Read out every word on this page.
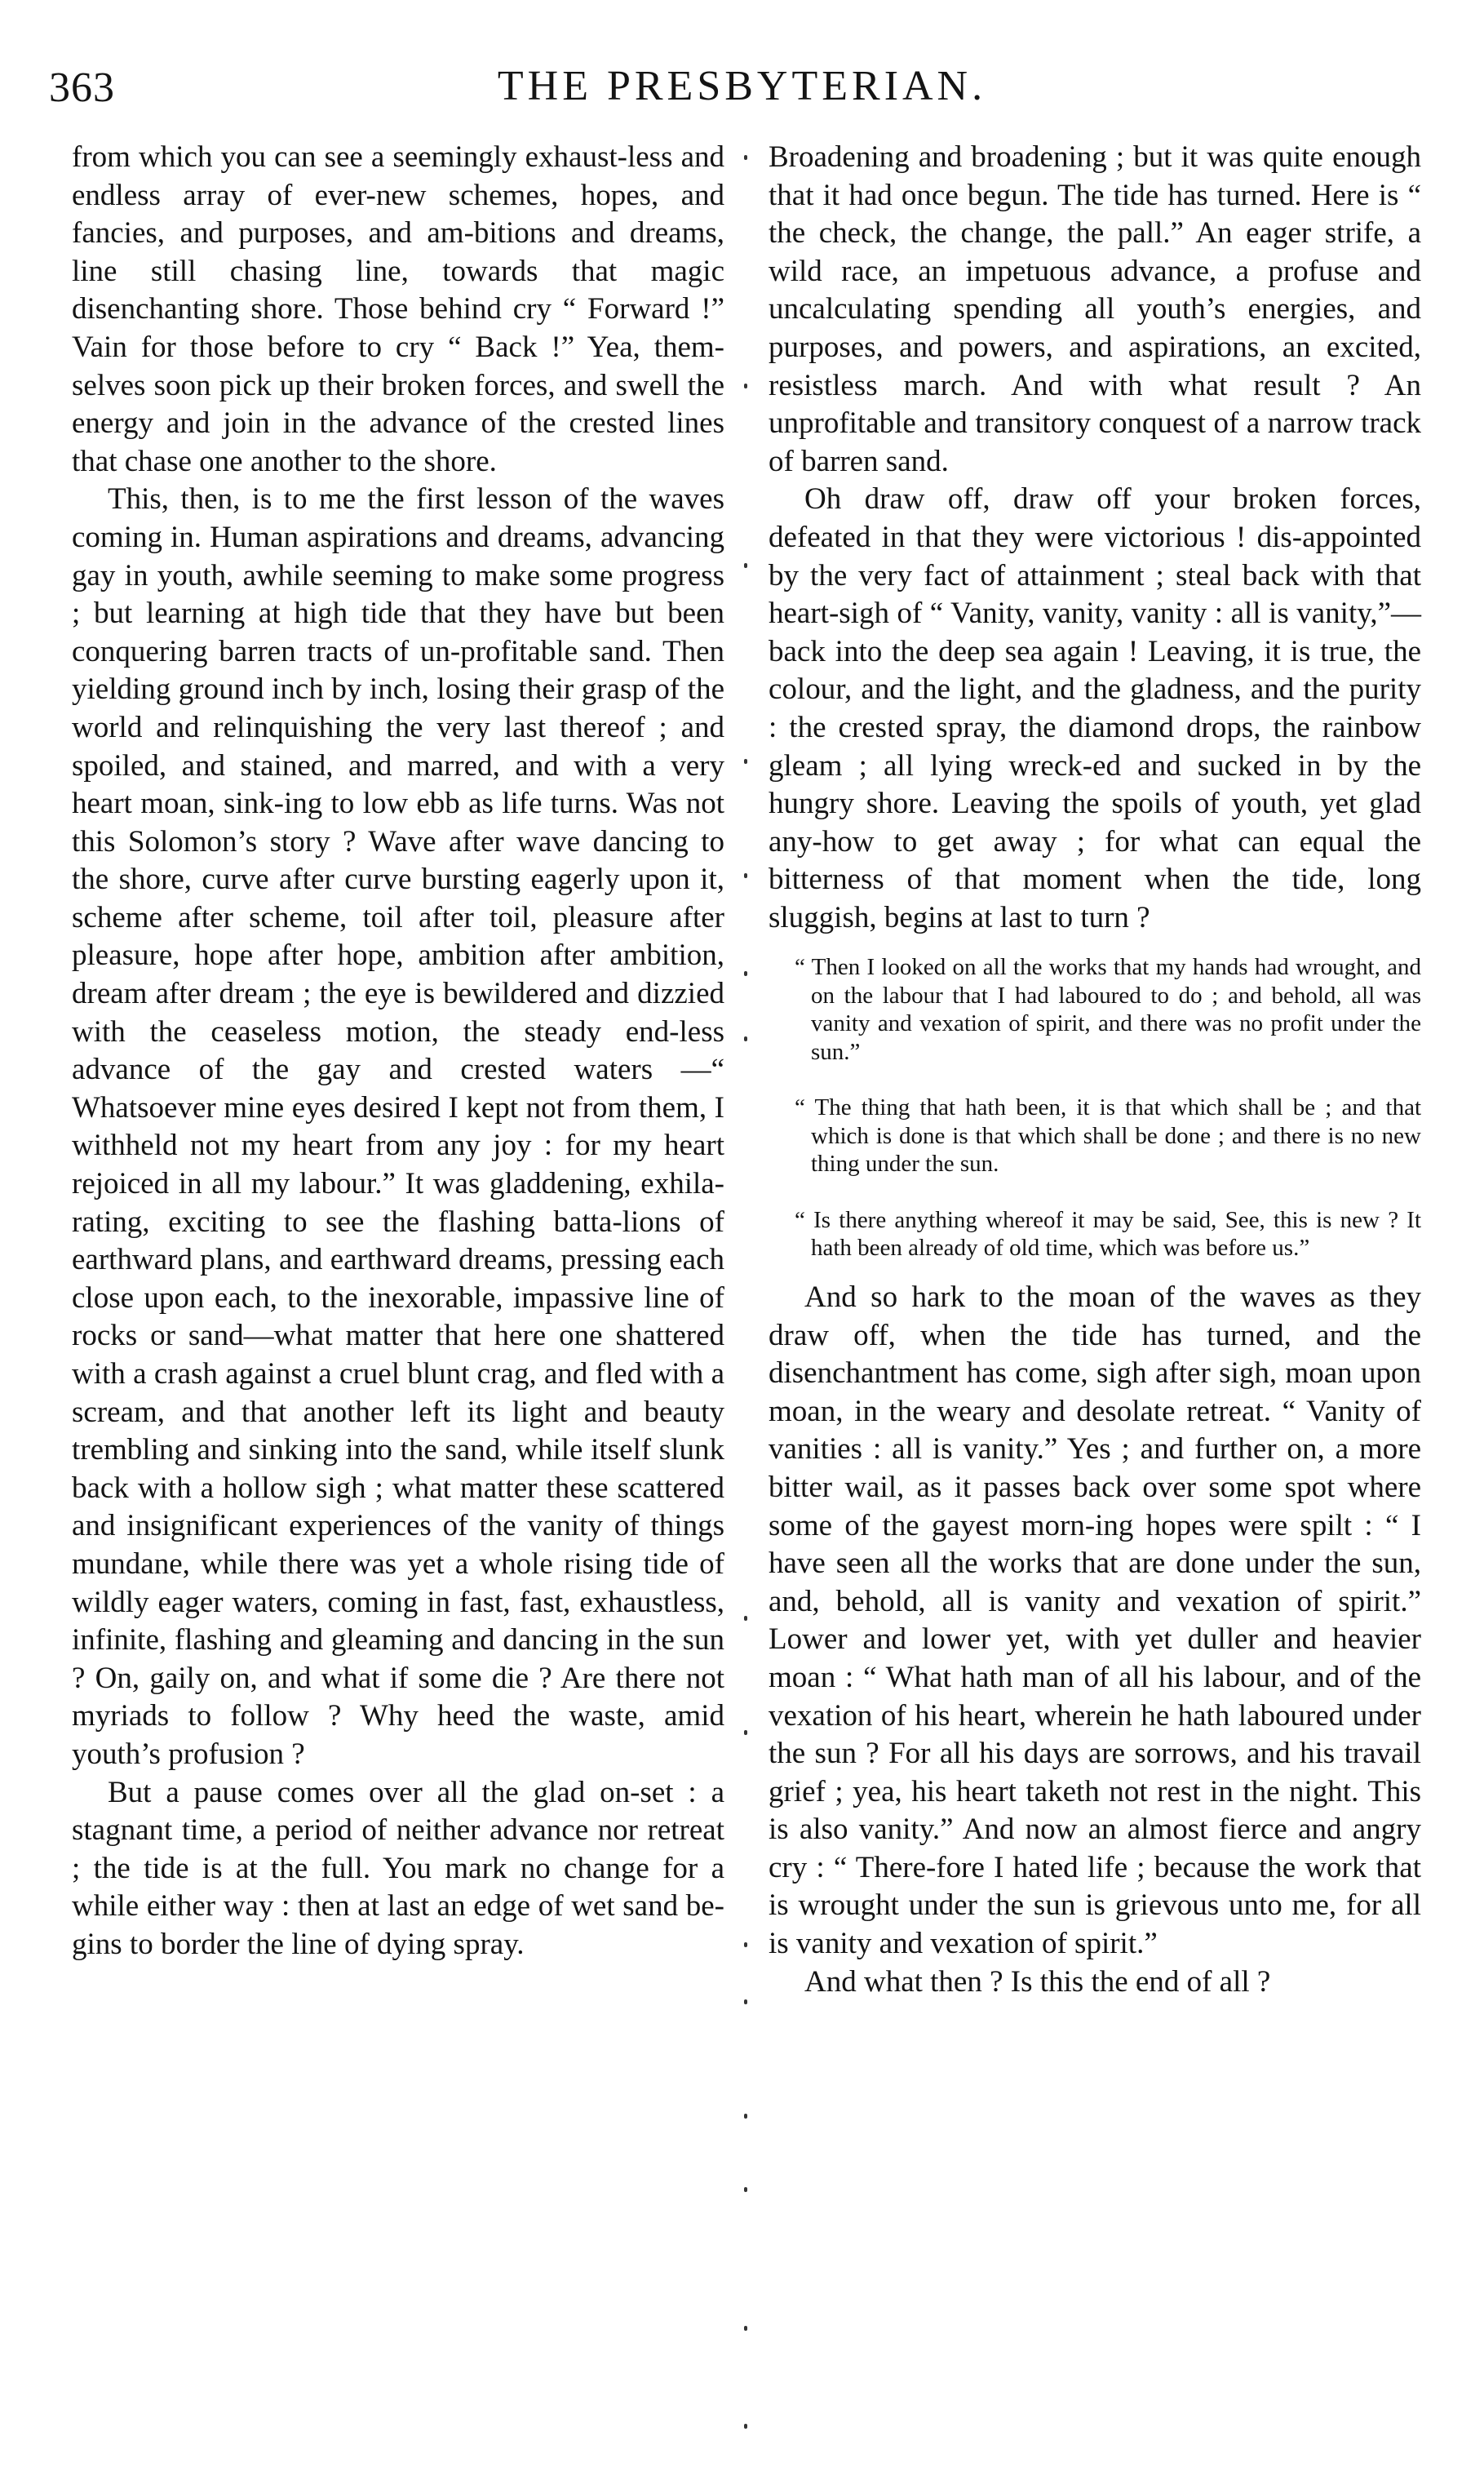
363	THE PRESBYTERIAN.

from which you can see a seemingly exhaust-less and endless array of ever-new schemes, hopes, and fancies, and purposes, and am-bitions and dreams, line still chasing line, towards that magic disenchanting shore. Those behind cry “ Forward !” Vain for those before to cry “ Back !” Yea, them-selves soon pick up their broken forces, and swell the energy and join in the advance of the crested lines that chase one another to the shore.

This, then, is to me the first lesson of the waves coming in. Human aspirations and dreams, advancing gay in youth, awhile seeming to make some progress ; but learning at high tide that they have but been conquering barren tracts of un-profitable sand. Then yielding ground inch by inch, losing their grasp of the world and relinquishing the very last thereof ; and spoiled, and stained, and marred, and with a very heart moan, sink-ing to low ebb as life turns. Was not this Solomon’s story ? Wave after wave dancing to the shore, curve after curve bursting eagerly upon it, scheme after scheme, toil after toil, pleasure after pleasure, hope after hope, ambition after ambition, dream after dream ; the eye is bewildered and dizzied with the ceaseless motion, the steady end-less advance of the gay and crested waters —“ Whatsoever mine eyes desired I kept not from them, I withheld not my heart from any joy : for my heart rejoiced in all my labour.” It was gladdening, exhila-rating, exciting to see the flashing batta-lions of earthward plans, and earthward dreams, pressing each close upon each, to the inexorable, impassive line of rocks or sand—what matter that here one shattered with a crash against a cruel blunt crag, and fled with a scream, and that another left its light and beauty trembling and sinking into the sand, while itself slunk back with a hollow sigh ; what matter these scattered and insignificant experiences of the vanity of things mundane, while there was yet a whole rising tide of wildly eager waters, coming in fast, fast, exhaustless, infinite, flashing and gleaming and dancing in the sun ? On, gaily on, and what if some die ? Are there not myriads to follow ? Why heed the waste, amid youth’s profusion ?

But a pause comes over all the glad on-set : a stagnant time, a period of neither advance nor retreat ; the tide is at the full. You mark no change for a while either way : then at last an edge of wet sand be-gins to border the line of dying spray.

Broadening and broadening ; but it was quite enough that it had once begun. The tide has turned. Here is “ the check, the change, the pall.” An eager strife, a wild race, an impetuous advance, a profuse and uncalculating spending all youth’s energies, and purposes, and powers, and aspirations, an excited, resistless march. And with what result ? An unprofitable and transitory conquest of a narrow track of barren sand.

Oh draw off, draw off your broken forces, defeated in that they were victorious ! dis-appointed by the very fact of attainment ; steal back with that heart-sigh of “ Vanity, vanity, vanity : all is vanity,”—back into the deep sea again ! Leaving, it is true, the colour, and the light, and the gladness, and the purity : the crested spray, the diamond drops, the rainbow gleam ; all lying wreck-ed and sucked in by the hungry shore. Leaving the spoils of youth, yet glad any-how to get away ; for what can equal the bitterness of that moment when the tide, long sluggish, begins at last to turn ?

“ Then I looked on all the works that my hands had wrought, and on the labour that I had laboured to do ; and behold, all was vanity and vexation of spirit, and there was no profit under the sun.”
“ The thing that hath been, it is that which shall be ; and that which is done is that which shall be done ; and there is no new thing under the sun.
“ Is there anything whereof it may be said, See, this is new ? It hath been already of old time, which was before us.”

And so hark to the moan of the waves as they draw off, when the tide has turned, and the disenchantment has come, sigh after sigh, moan upon moan, in the weary and desolate retreat. “ Vanity of vanities : all is vanity.” Yes ; and further on, a more bitter wail, as it passes back over some spot where some of the gayest morn-ing hopes were spilt : “ I have seen all the works that are done under the sun, and, behold, all is vanity and vexation of spirit.” Lower and lower yet, with yet duller and heavier moan : “ What hath man of all his labour, and of the vexation of his heart, wherein he hath laboured under the sun ? For all his days are sorrows, and his travail grief ; yea, his heart taketh not rest in the night. This is also vanity.” And now an almost fierce and angry cry : “ There-fore I hated life ; because the work that is wrought under the sun is grievous unto me, for all is vanity and vexation of spirit.”

And what then ? Is this the end of all ?
